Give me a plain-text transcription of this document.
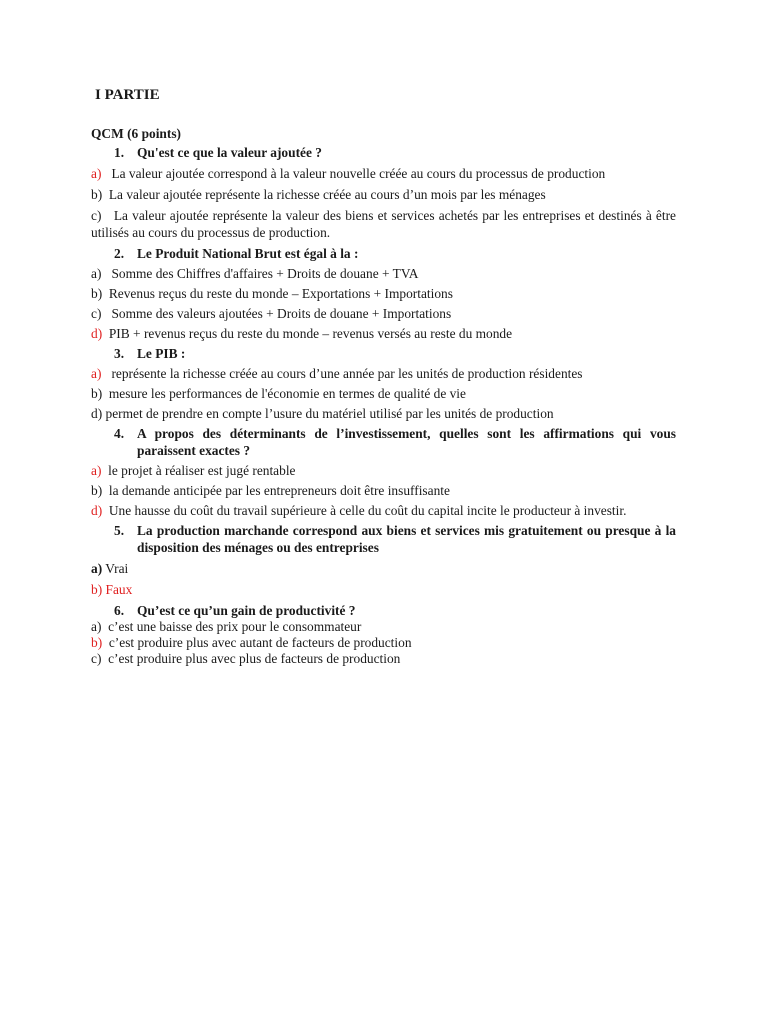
I PARTIE
QCM (6 points)
1. Qu'est ce que la valeur ajoutée ?
a) La valeur ajoutée correspond à la valeur nouvelle créée au cours du processus de production
b) La valeur ajoutée représente la richesse créée au cours d’un mois par les ménages
c) La valeur ajoutée représente la valeur des biens et services achetés par les entreprises et destinés à être utilisés au cours du processus de production.
2. Le Produit National Brut est égal à la :
a) Somme des Chiffres d'affaires + Droits de douane + TVA
b) Revenus reçus du reste du monde – Exportations + Importations
c) Somme des valeurs ajoutées + Droits de douane + Importations
d) PIB + revenus reçus du reste du monde – revenus versés au reste du monde
3. Le PIB :
a) représente la richesse créée au cours d’une année par les unités de production résidentes
b) mesure les performances de l'économie en termes de qualité de vie
d) permet de prendre en compte l’usure du matériel utilisé par les unités de production
4. A propos des déterminants de l’investissement, quelles sont les affirmations qui vous paraissent exactes ?
a) le projet à réaliser est jugé rentable
b) la demande anticipée par les entrepreneurs doit être insuffisante
d) Une hausse du coût du travail supérieure à celle du coût du capital incite le producteur à investir.
5. La production marchande correspond aux biens et services mis gratuitement ou presque à la disposition des ménages ou des entreprises
a) Vrai
b) Faux
6. Qu’est ce qu’un gain de productivité ?
a) c’est une baisse des prix pour le consommateur
b) c’est produire plus avec autant de facteurs de production
c) c’est produire plus avec plus de facteurs de production
